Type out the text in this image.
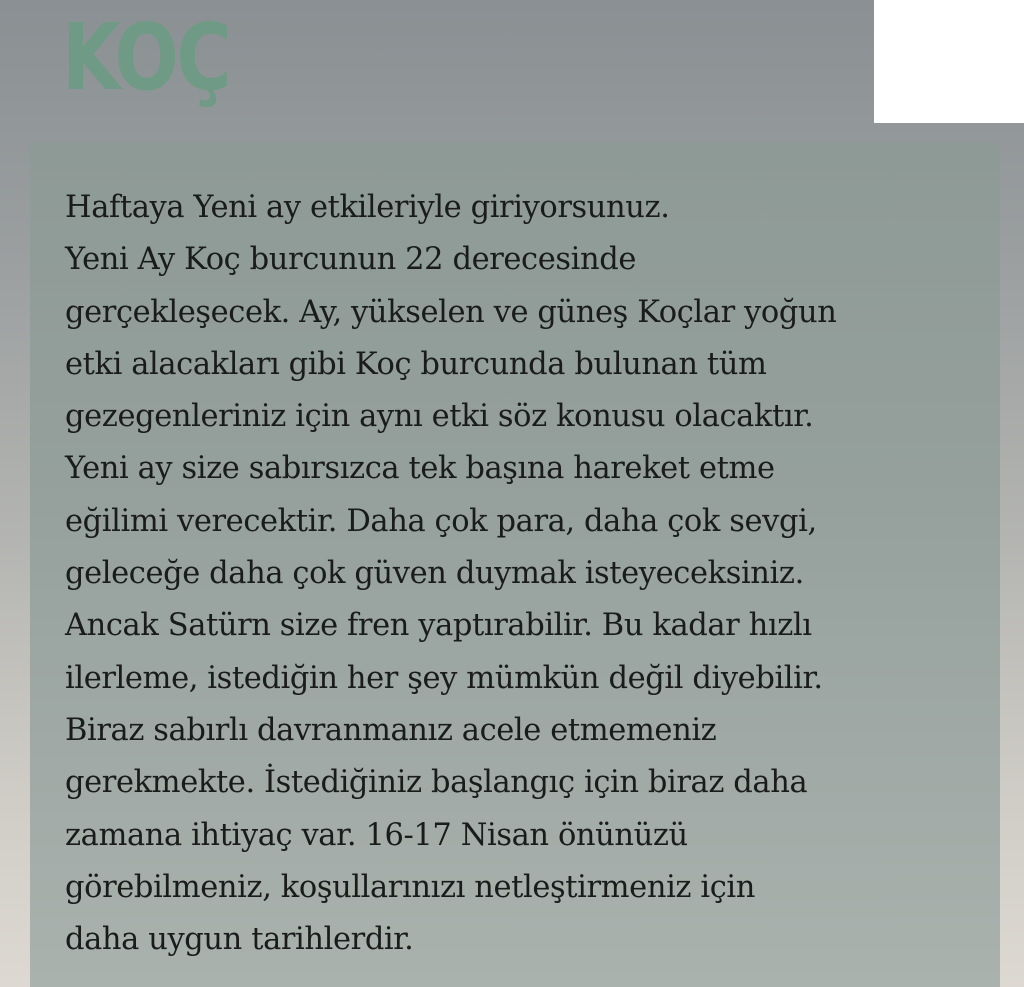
KOÇ
Haftaya Yeni ay etkileriyle giriyorsunuz.
Yeni Ay Koç burcunun 22 derecesinde
gerçekleşecek. Ay, yükselen ve güneş Koçlar yoğun
etki alacakları gibi Koç burcunda bulunan tüm
gezegenleriniz için aynı etki söz konusu olacaktır.
Yeni ay size sabırsızca tek başına hareket etme
eğilimi verecektir. Daha çok para, daha çok sevgi,
geleceğe daha çok güven duymak isteyeceksiniz.
Ancak Satürn size fren yaptırabilir. Bu kadar hızlı
ilerleme, istediğin her şey mümkün değil diyebilir.
Biraz sabırlı davranmanız acele etmemeniz
gerekmekte. İstediğiniz başlangıç için biraz daha
zamana ihtiyaç var. 16-17 Nisan önünüzü
görebilmeniz, koşullarınızı netleştirmeniz için
daha uygun tarihlerdir.
